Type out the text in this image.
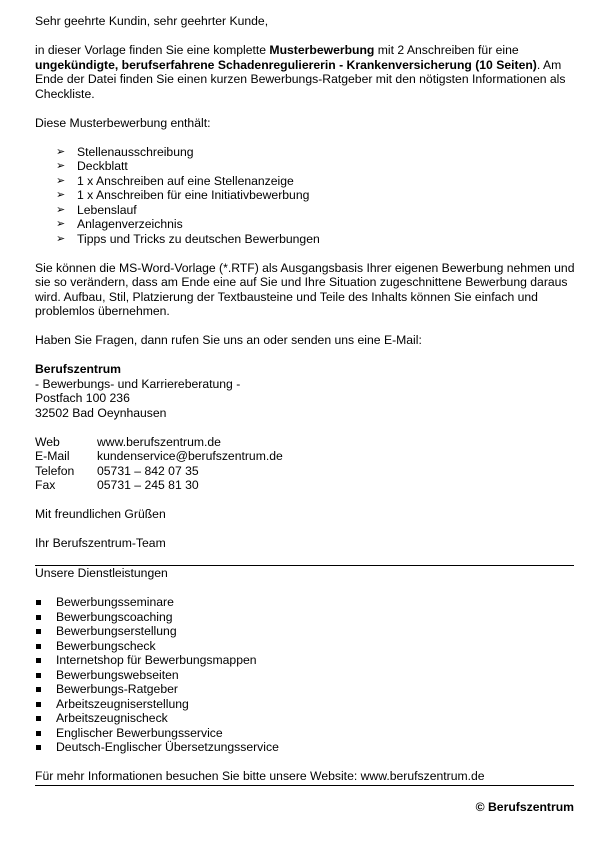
Sehr geehrte Kundin, sehr geehrter Kunde,

in dieser Vorlage finden Sie eine komplette Musterbewerbung mit 2 Anschreiben für eine ungekündigte, berufserfahrene Schadenreguliererin - Krankenversicherung (10 Seiten). Am Ende der Datei finden Sie einen kurzen Bewerbungs-Ratgeber mit den nötigsten Informationen als Checkliste.

Diese Musterbewerbung enthält:

➢ Stellenausschreibung
➢ Deckblatt
➢ 1 x Anschreiben auf eine Stellenanzeige
➢ 1 x Anschreiben für eine Initiativbewerbung
➢ Lebenslauf
➢ Anlagenverzeichnis
➢ Tipps und Tricks zu deutschen Bewerbungen

Sie können die MS-Word-Vorlage (*.RTF) als Ausgangsbasis Ihrer eigenen Bewerbung nehmen und sie so verändern, dass am Ende eine auf Sie und Ihre Situation zugeschnittene Bewerbung daraus wird. Aufbau, Stil, Platzierung der Textbausteine und Teile des Inhalts können Sie einfach und problemlos übernehmen.

Haben Sie Fragen, dann rufen Sie uns an oder senden uns eine E-Mail:

Berufszentrum

- Bewerbungs- und Karriereberatung -

Postfach 100 236

32502 Bad Oeynhausen

Web	www.berufszentrum.de
E-Mail	kundenservice@berufszentrum.de
Telefon	05731 – 842 07 35
Fax	05731 – 245 81 30

Mit freundlichen Grüßen

Ihr Berufszentrum-Team

Unsere Dienstleistungen

Bewerbungsseminare
Bewerbungscoaching
Bewerbungserstellung
Bewerbungscheck
Internetshop für Bewerbungsmappen
Bewerbungswebseiten
Bewerbungs-Ratgeber
Arbeitszeugniserstellung
Arbeitszeugnischeck
Englischer Bewerbungsservice
Deutsch-Englischer Übersetzungsservice

Für mehr Informationen besuchen Sie bitte unsere Website: www.berufszentrum.de

© Berufszentrum
